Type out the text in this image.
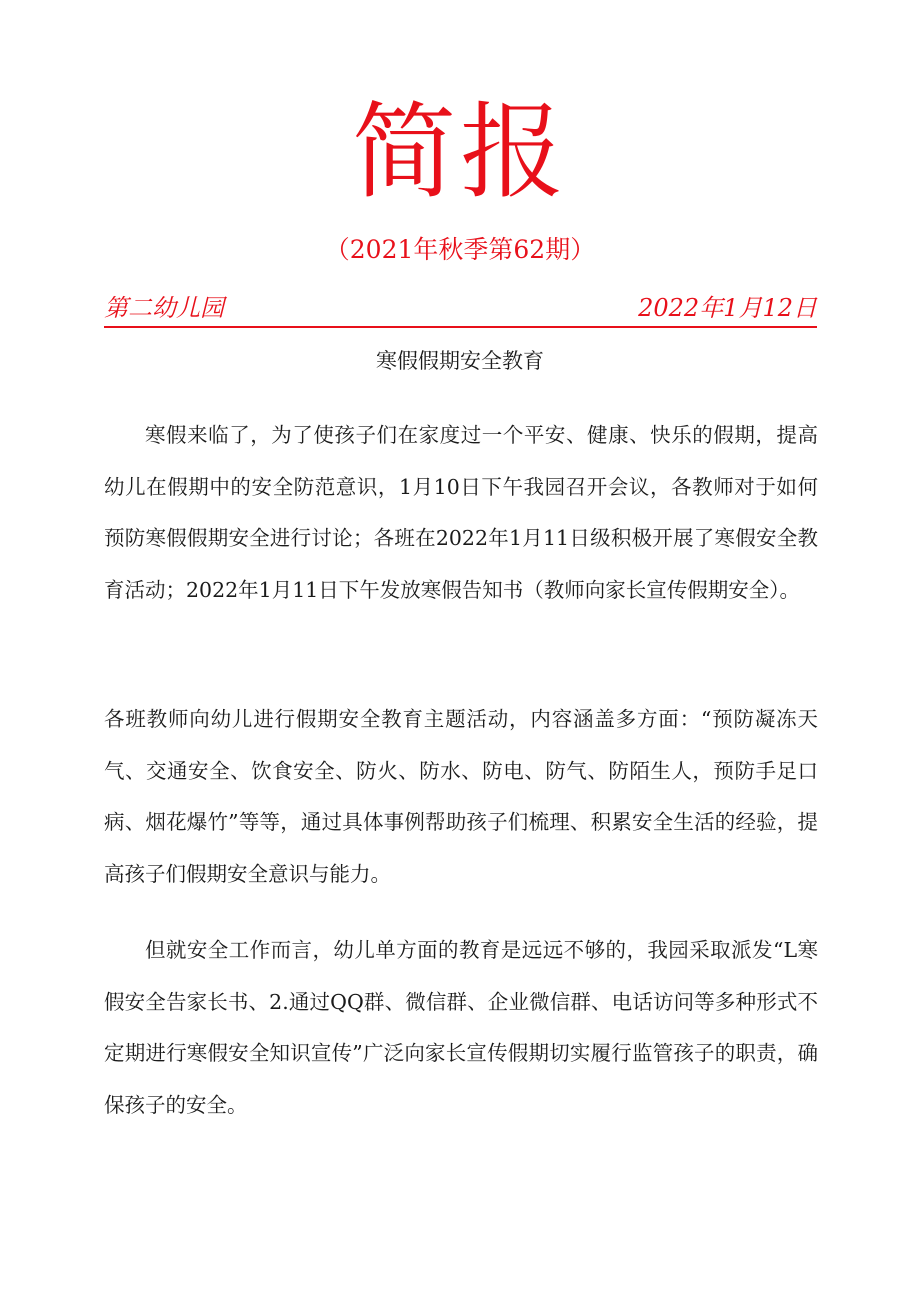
简报
（2021年秋季第62期）
第二幼儿园	2022年1月12日
寒假假期安全教育

寒假来临了，为了使孩子们在家度过一个平安、健康、快乐的假期，提高幼儿在假期中的安全防范意识，1月10日下午我园召开会议，各教师对于如何预防寒假假期安全进行讨论；各班在2022年1月11日级积极开展了寒假安全教育活动；2022年1月11日下午发放寒假告知书（教师向家长宣传假期安全）。

各班教师向幼儿进行假期安全教育主题活动，内容涵盖多方面：“预防凝冻天气、交通安全、饮食安全、防火、防水、防电、防气、防陌生人，预防手足口病、烟花爆竹”等等，通过具体事例帮助孩子们梳理、积累安全生活的经验，提高孩子们假期安全意识与能力。

但就安全工作而言，幼儿单方面的教育是远远不够的，我园采取派发“L寒假安全告家长书、2.通过QQ群、微信群、企业微信群、电话访问等多种形式不定期进行寒假安全知识宣传”广泛向家长宣传假期切实履行监管孩子的职责，确保孩子的安全。
